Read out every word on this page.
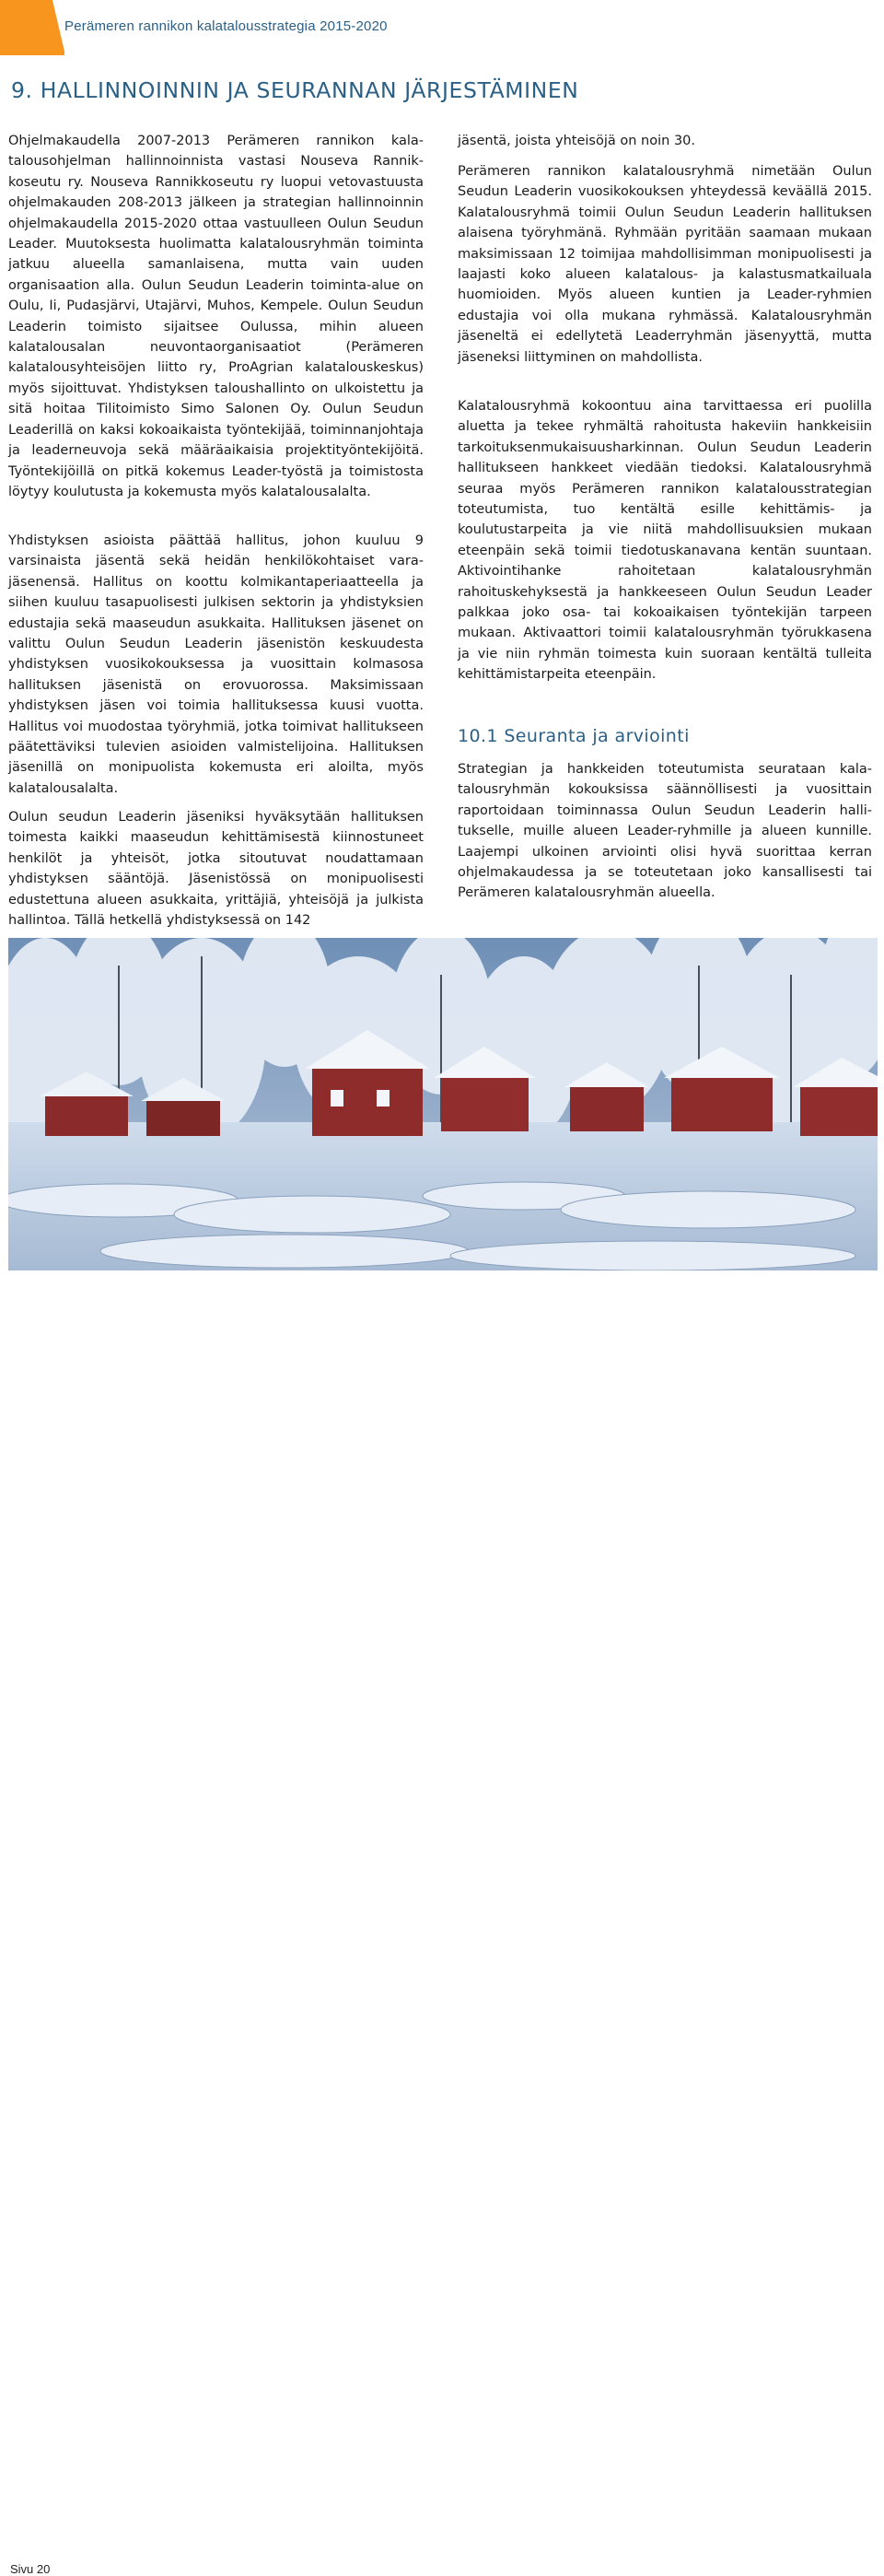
Perämeren rannikon kalatalousstrategia 2015-2020
9. HALLINNOINNIN JA SEURANNAN JÄRJESTÄMINEN

Ohjelmakaudella 2007-2013 Perämeren rannikon kalatalousohjelman hallinnoinnista vastasi Nouseva Rannikkoseutu ry. Nouseva Rannikkoseutu ry luopui vetovastuusta ohjelmakauden 208-2013 jälkeen ja strategian hallinnoinnin ohjelmakaudella 2015-2020 ottaa vastuulleen Oulun Seudun Leader. Muutoksesta huolimatta kalatalousryhmän toiminta jatkuu alueella samanlaisena, mutta vain uuden organisaation alla. Oulun Seudun Leaderin toiminta-alue on Oulu, Ii, Pudasjärvi, Utajärvi, Muhos, Kempele. Oulun Seudun Leaderin toimisto sijaitsee Oulussa, mihin alueen kalatalousalan neuvontaorganisaatiot (Perämeren kalatalousyhteisöjen liitto ry, ProAgrian kalatalouskeskus) myös sijoittuvat. Yhdistyksen taloushallinto on ulkoistettu ja sitä hoitaa Tilitoimisto Simo Salonen Oy. Oulun Seudun Leaderillä on kaksi kokoaikaista työntekijää, toiminnanjohtaja ja leaderneuvoja sekä määräaikaisia projektityöntekijöitä. Työntekijöillä on pitkä kokemus Leader-työstä ja toimistosta löytyy koulutusta ja kokemusta myös kalatalousalalta.

Yhdistyksen asioista päättää hallitus, johon kuuluu 9 varsinaista jäsentä sekä heidän henkilökohtaiset varajäsenensä. Hallitus on koottu kolmikantaperiaatteella ja siihen kuuluu tasapuolisesti julkisen sektorin ja yhdistyksien edustajia sekä maaseudun asukkaita. Hallituksen jäsenet on valittu Oulun Seudun Leaderin jäsenistön keskuudesta yhdistyksen vuosikokouksessa ja vuosittain kolmasosa hallituksen jäsenistä on erovuorossa. Maksimissaan yhdistyksen jäsen voi toimia hallituksessa kuusi vuotta. Hallitus voi muodostaa työryhmiä, jotka toimivat hallitukseen päätettäviksi tulevien asioiden valmistelijoina. Hallituksen jäsenillä on monipuolista kokemusta eri aloilta, myös kalatalousalalta.

Oulun seudun Leaderin jäseniksi hyväksytään hallituksen toimesta kaikki maaseudun kehittämisestä kiinnostuneet henkilöt ja yhteisöt, jotka sitoutuvat noudattamaan yhdistyksen sääntöjä. Jäsenistössä on monipuolisesti edustettuna alueen asukkaita, yrittäjiä, yhteisöjä ja julkista hallintoa. Tällä hetkellä yhdistyksessä on 142

jäsentä, joista yhteisöjä on noin 30.

Perämeren rannikon kalatalousryhmä nimetään Oulun Seudun Leaderin vuosikokouksen yhteydessä keväällä 2015. Kalatalousryhmä toimii Oulun Seudun Leaderin hallituksen alaisena työryhmänä. Ryhmään pyritään saamaan mukaan maksimissaan 12 toimijaa mahdollisimman monipuolisesti ja laajasti koko alueen kalatalous- ja kalastusmatkailuala huomioiden. Myös alueen kuntien ja Leader-ryhmien edustajia voi olla mukana ryhmässä. Kalatalousryhmän jäseneltä ei edellytetä Leaderryhmän jäsenyyttä, mutta jäseneksi liittyminen on mahdollista.

Kalatalousryhmä kokoontuu aina tarvittaessa eri puolilla aluetta ja tekee ryhmältä rahoitusta hakeviin hankkeisiin tarkoituksenmukaisuusharkinnan. Oulun Seudun Leaderin hallitukseen hankkeet viedään tiedoksi. Kalatalousryhmä seuraa myös Perämeren rannikon kalatalousstrategian toteutumista, tuo kentältä esille kehittämis- ja koulutustarpeita ja vie niitä mahdollisuuksien mukaan eteenpäin sekä toimii tiedotuskanavana kentän suuntaan. Aktivointihanke rahoitetaan kalatalousryhmän rahoituskehyksestä ja hankkeeseen Oulun Seudun Leader palkkaa joko osa- tai kokoaikaisen työntekijän tarpeen mukaan. Aktivaattori toimii kalatalousryhmän työrukkasena ja vie niin ryhmän toimesta kuin suoraan kentältä tulleita kehittämistarpeita eteenpäin.

10.1 Seuranta ja arviointi

Strategian ja hankkeiden toteutumista seurataan kalatalousryhmän kokouksissa säännöllisesti ja vuosittain raportoidaan toiminnassa Oulun Seudun Leaderin hallitukselle, muille alueen Leader-ryhmille ja alueen kunnille. Laajempi ulkoinen arviointi olisi hyvä suorittaa kerran ohjelmakaudessa ja se toteutetaan joko kansallisesti tai Perämeren kalatalousryhmän alueella.

Sivu 20
